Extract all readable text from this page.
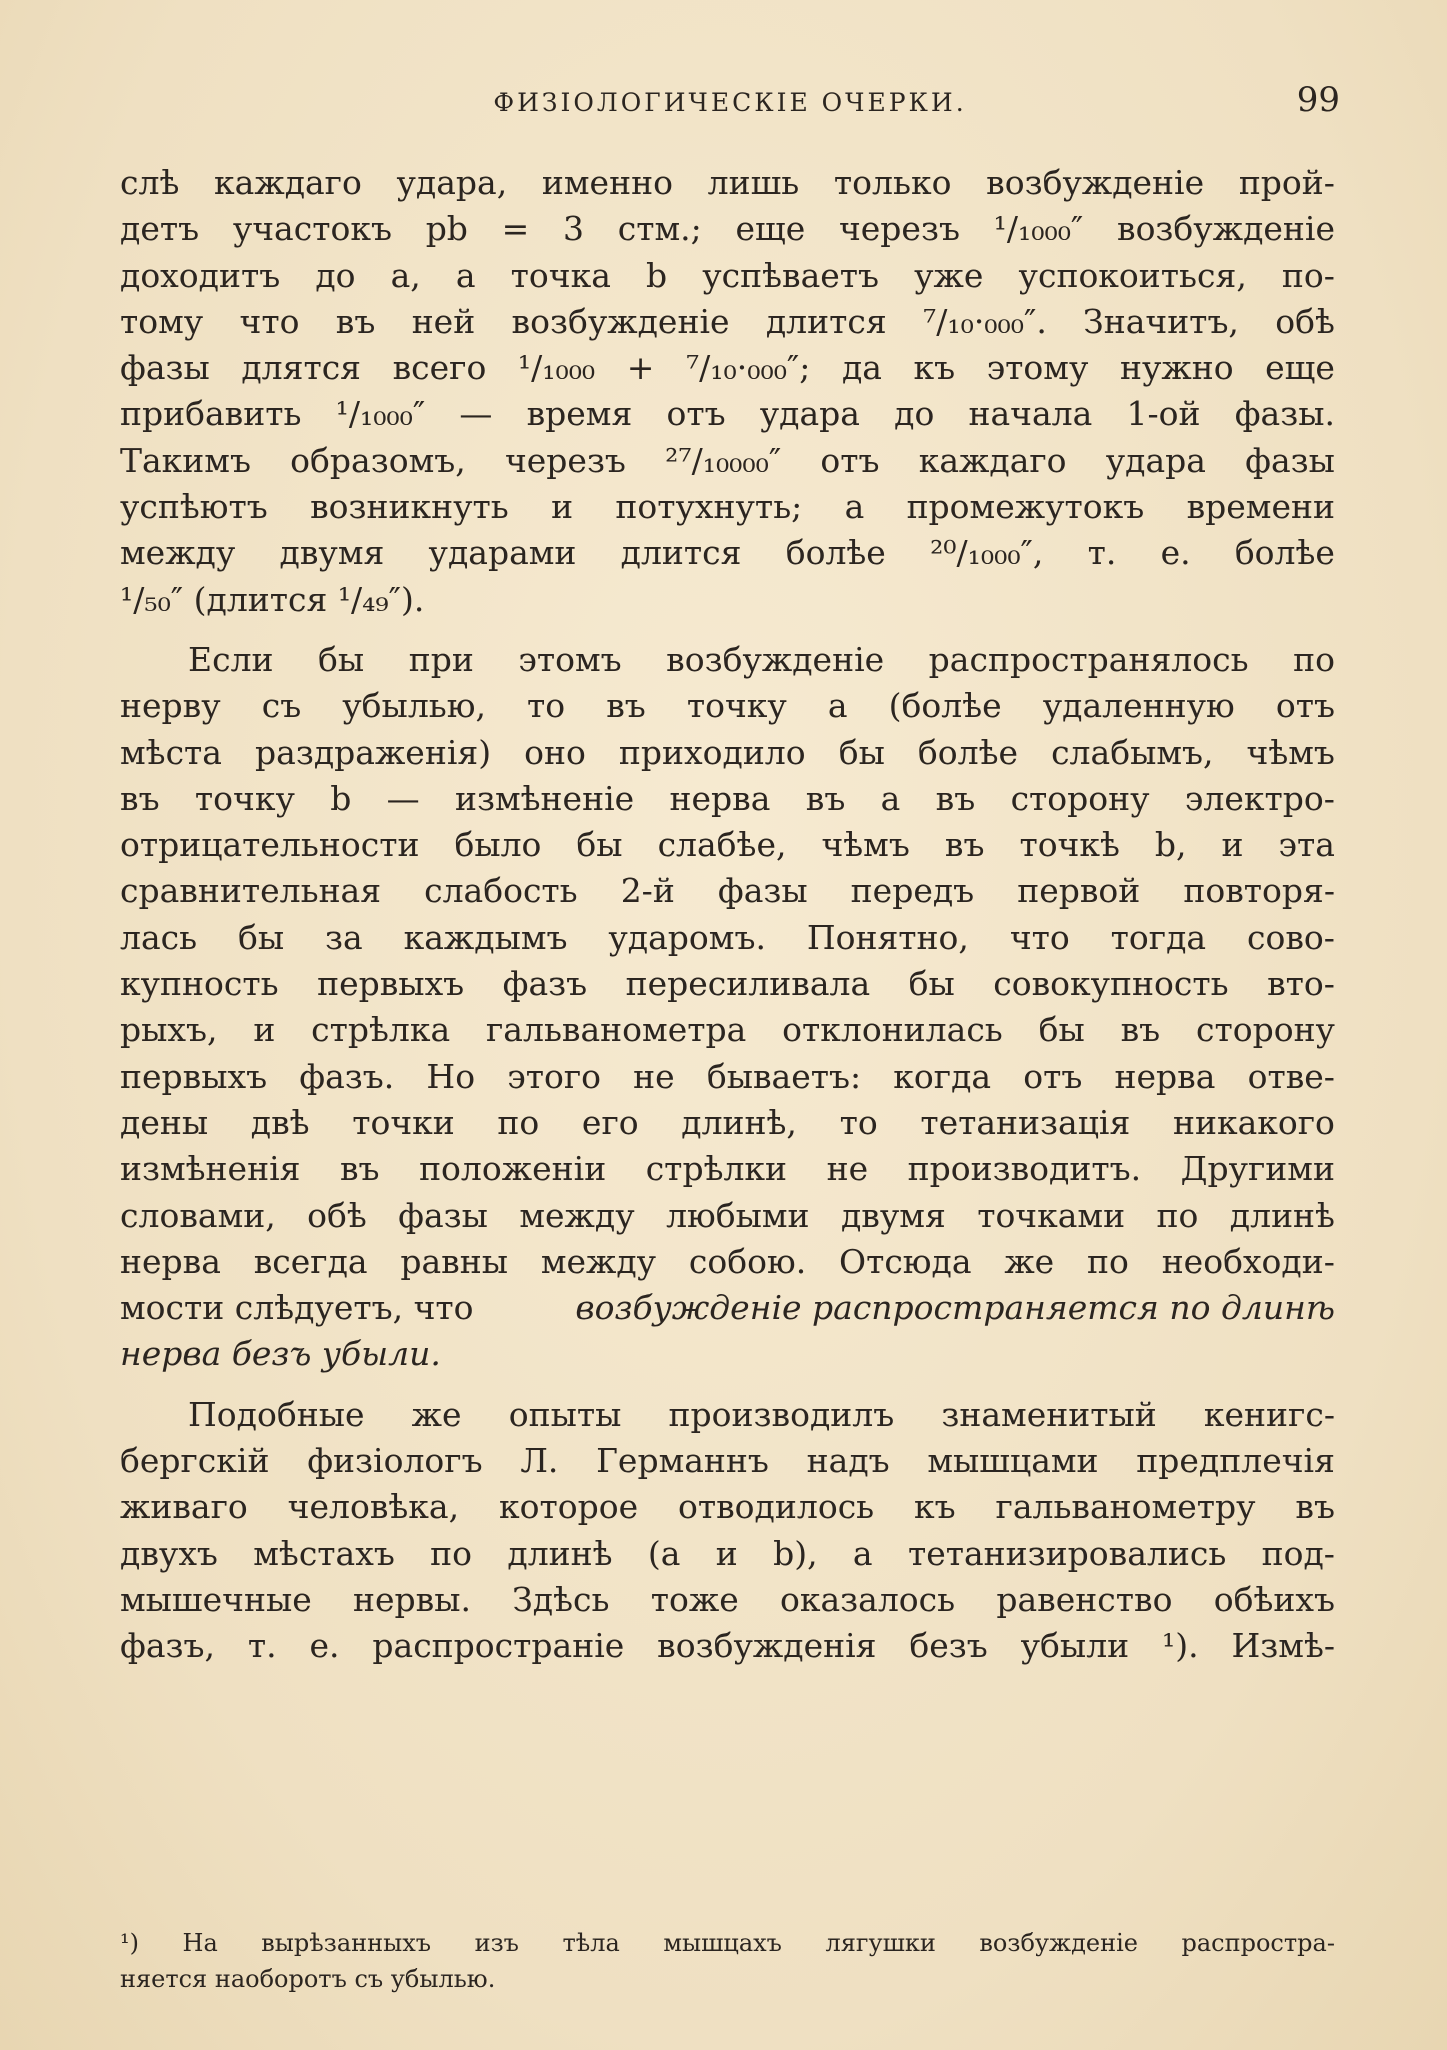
ФИЗІОЛОГИЧЕСКІЕ ОЧЕРКИ.	99
слѣ каждаго удара, именно лишь только возбужденіе прой-
детъ участокъ pb = 3 стм.; еще черезъ ¹/₁₀₀₀″ возбужденіе
доходитъ до a, а точка b успѣваетъ уже успокоиться, по-
тому что въ ней возбужденіе длится ⁷/₁₀·₀₀₀″. Значитъ, обѣ
фазы длятся всего ¹/₁₀₀₀ + ⁷/₁₀·₀₀₀″; да къ этому нужно еще
прибавить ¹/₁₀₀₀″ — время отъ удара до начала 1-ой фазы.
Такимъ образомъ, черезъ ²⁷/₁₀₀₀₀″ отъ каждаго удара фазы
успѣютъ возникнуть и потухнуть; а промежутокъ времени
между двумя ударами длится болѣе ²⁰/₁₀₀₀″, т. е. болѣе
¹/₅₀″ (длится ¹/₄₉″).
Если бы при этомъ возбужденіе распространялось по
нерву съ убылью, то въ точку a (болѣе удаленную отъ
мѣста раздраженія) оно приходило бы болѣе слабымъ, чѣмъ
въ точку b — измѣненіе нерва въ a въ сторону электро-
отрицательности было бы слабѣе, чѣмъ въ точкѣ b, и эта
сравнительная слабость 2-й фазы передъ первой повторя-
лась бы за каждымъ ударомъ. Понятно, что тогда сово-
купность первыхъ фазъ пересиливала бы совокупность вто-
рыхъ, и стрѣлка гальванометра отклонилась бы въ сторону
первыхъ фазъ. Но этого не бываетъ: когда отъ нерва отве-
дены двѣ точки по его длинѣ, то тетанизація никакого
измѣненія въ положеніи стрѣлки не производитъ. Другими
словами, обѣ фазы между любыми двумя точками по длинѣ
нерва всегда равны между собою. Отсюда же по необходи-
мости слѣдуетъ, что	возбужденіе распространяется по длинѣ
нерва безъ убыли.
Подобные же опыты производилъ знаменитый кенигс-
бергскій физіологъ Л. Германнъ надъ мышцами предплечія
живаго человѣка, которое отводилось къ гальванометру въ
двухъ мѣстахъ по длинѣ (a и b), а тетанизировались под-
мышечные нервы. Здѣсь тоже оказалось равенство обѣихъ
фазъ, т. е. распространіе возбужденія безъ убыли ¹). Измѣ-
¹) На вырѣзанныхъ изъ тѣла мышцахъ лягушки возбужденіе распростра-
няется наоборотъ съ убылью.
